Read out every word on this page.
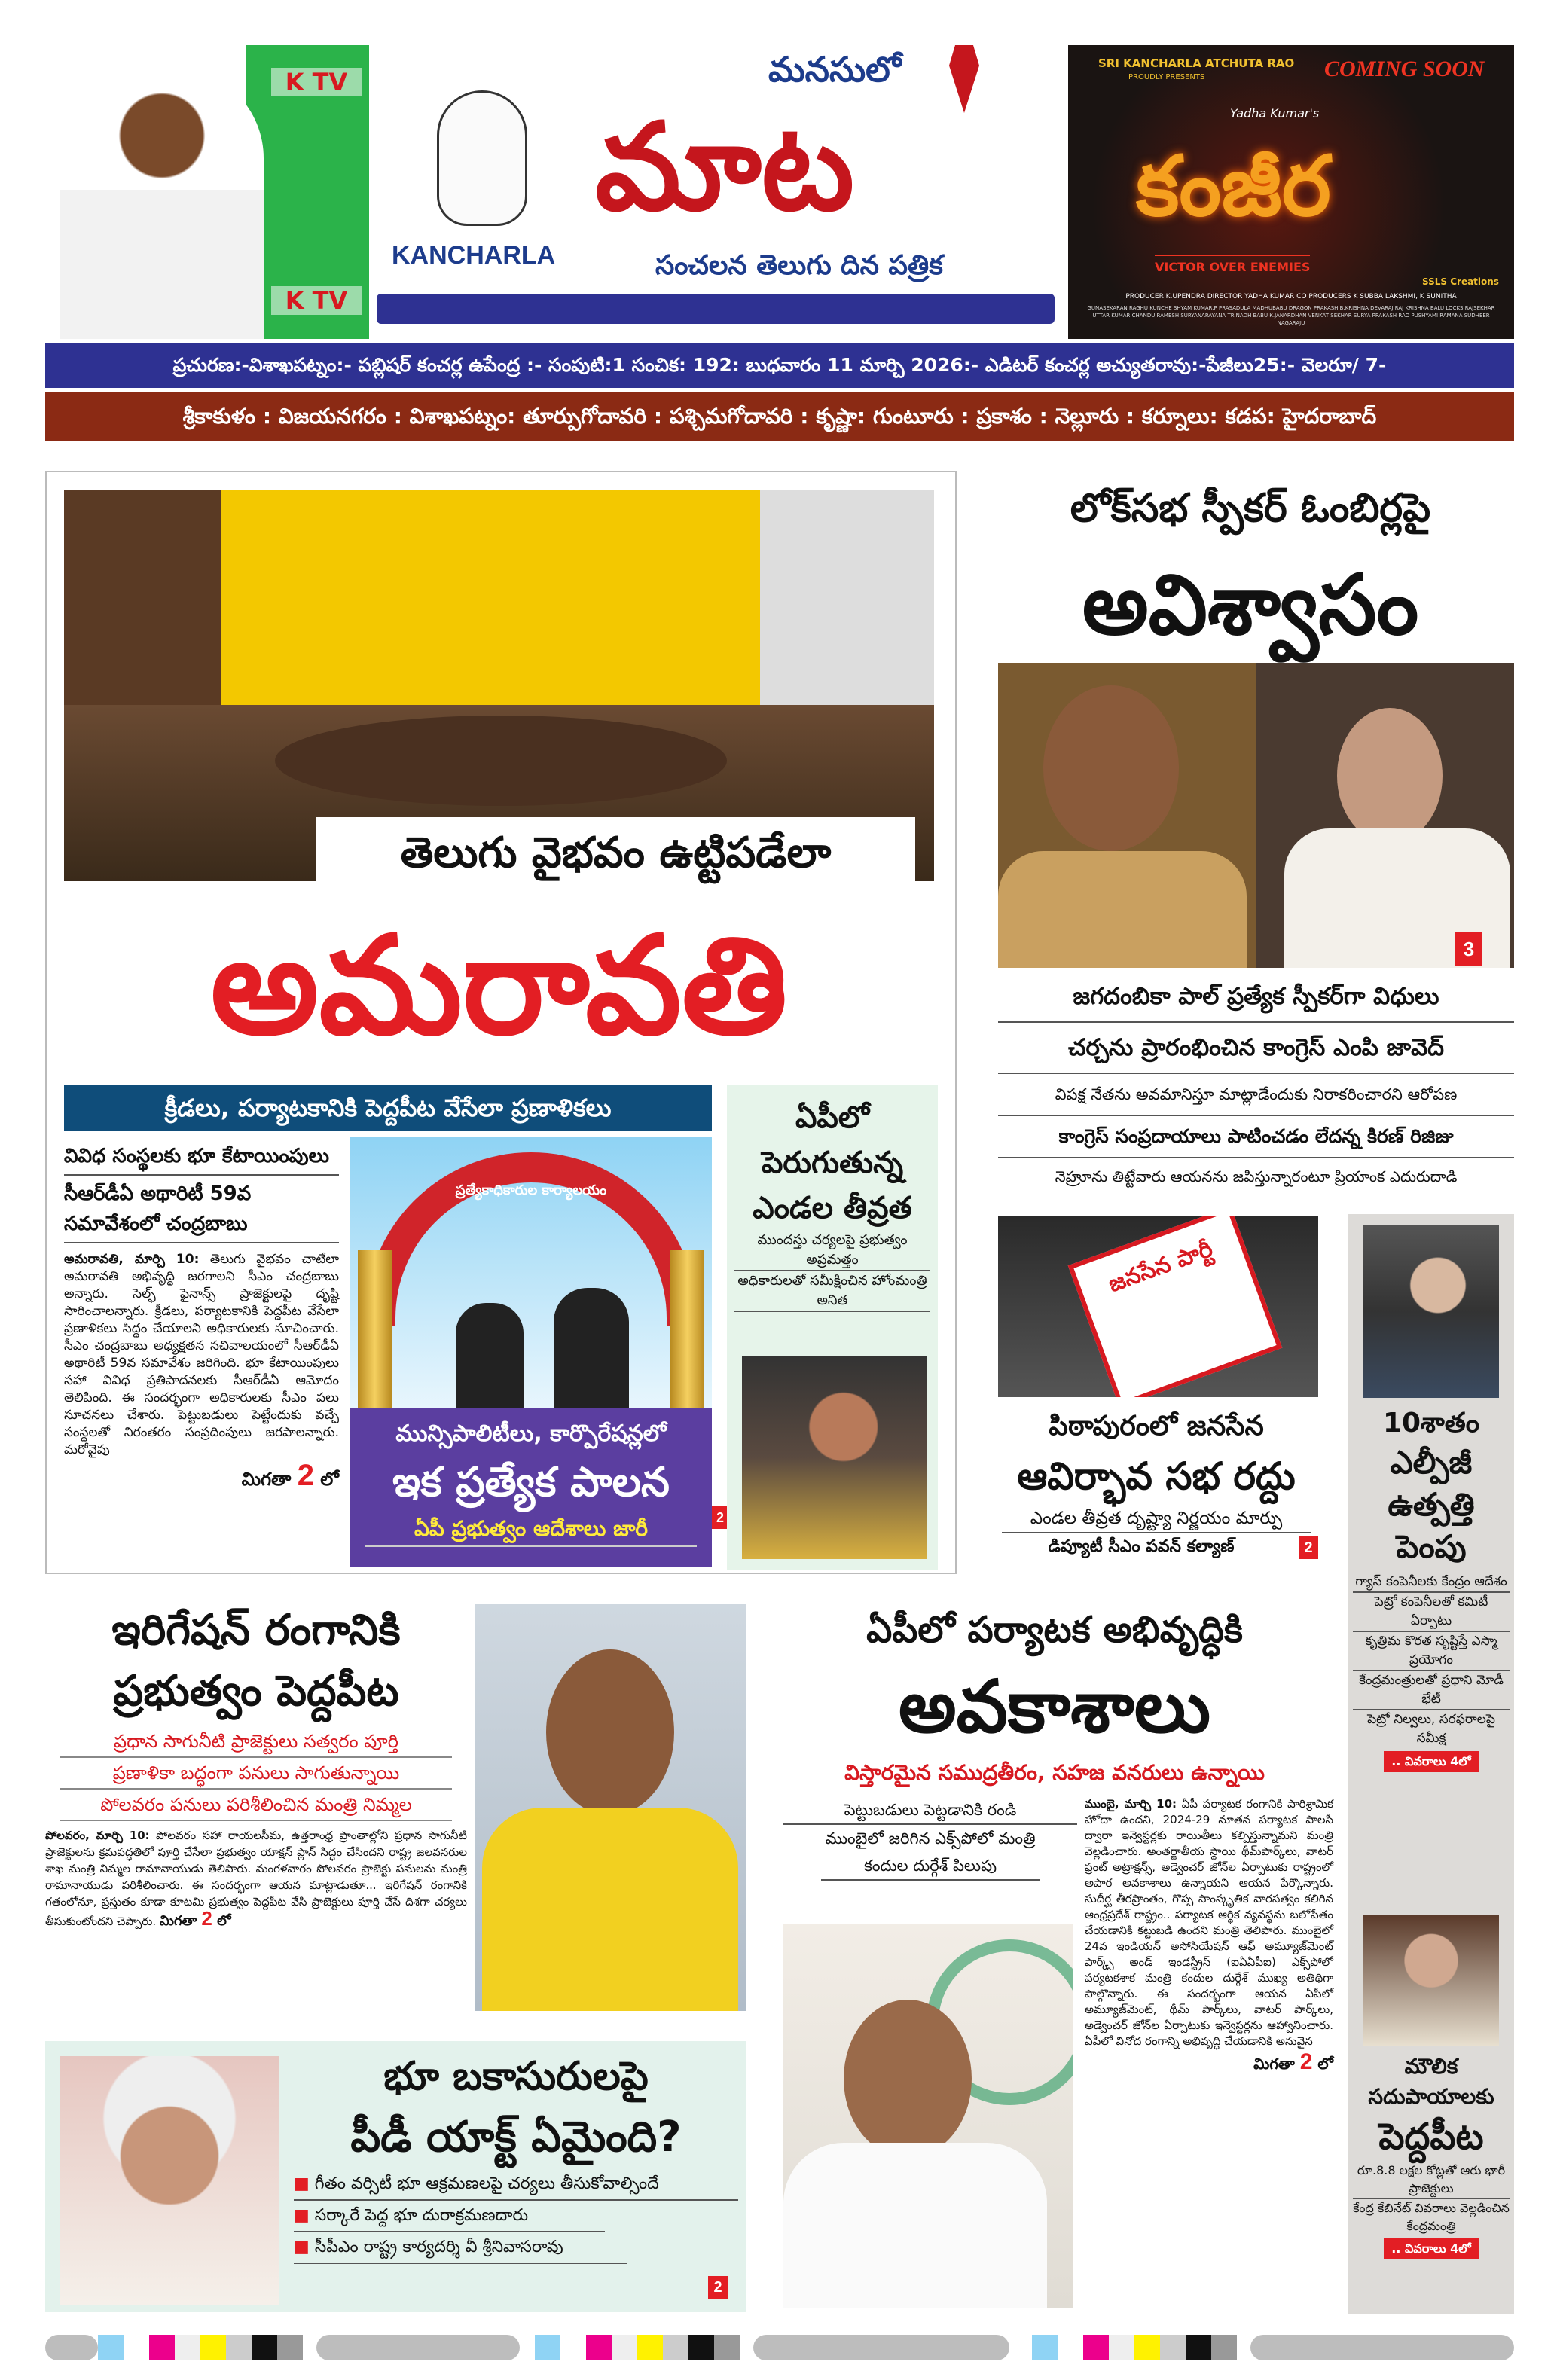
K TV
K TV
KANCHARLA
మనసులో
మాట
సంచలన తెలుగు దిన పత్రిక
SRI KANCHARLA ATCHUTA RAO
PROUDLY PRESENTS	COMING SOON
Yadha Kumar's
కంజీర
VICTOR OVER ENEMIES
SSLS Creations
PRODUCER K.UPENDRA DIRECTOR YADHA KUMAR CO PRODUCERS K SUBBA LAKSHMI, K SUNITHA
GUNASEKARAN RAGHU KUNCHE SHYAM KUMAR.P PRASADULA MADHUBABU DRAGON PRAKASH B.KRISHNA DEVARAJ RAJ KRISHNA BALU LOCKS RAJSEKHAR UTTAR KUMAR CHANDU RAMESH SURYANARAYANA TRINADH BABU K.JANARDHAN VENKAT SEKHAR SURYA PRAKASH RAO PUSHYAMI RAMANA SUDHEER NAGARAJU
ప్రచురణ:-విశాఖపట్నం:- పబ్లిషర్ కంచర్ల ఉపేంద్ర :- సంపుటి:1 సంచిక: 192: బుధవారం 11 మార్చి 2026:- ఎడిటర్ కంచర్ల అచ్యుతరావు:-పేజీలు25:- వెలరూ/ 7-
శ్రీకాకుళం : విజయనగరం : విశాఖపట్నం: తూర్పుగోదావరి : పశ్చిమగోదావరి : కృష్ణా: గుంటూరు : ప్రకాశం : నెల్లూరు : కర్నూలు: కడప: హైదరాబాద్
తెలుగు వైభవం ఉట్టిపడేలా
అమరావతి
క్రీడలు, పర్యాటకానికి పెద్దపీట వేసేలా ప్రణాళికలు
వివిధ సంస్థలకు భూ కేటాయింపులు
సీఆర్‌డీఏ అథారిటీ 59వ సమావేశంలో చంద్రబాబు

అమరావతి, మార్చి 10: తెలుగు వైభవం చాటేలా అమరావతి అభివృద్ధి జరగాలని సీఎం చంద్రబాబు అన్నారు. సెల్ఫ్ ఫైనాన్స్ ప్రాజెక్టులపై దృష్టి సారించాలన్నారు. క్రీడలు, పర్యాటకానికి పెద్దపీట వేసేలా ప్రణాళికలు సిద్ధం చేయాలని అధికారులకు సూచించారు. సీఎం చంద్రబాబు అధ్యక్షతన సచివాలయంలో సీఆర్‌డీఏ అథారిటీ 59వ సమావేశం జరిగింది. భూ కేటాయింపులు సహా వివిధ ప్రతిపాదనలకు సీఆర్‌డీఏ ఆమోదం తెలిపింది. ఈ సందర్భంగా అధికారులకు సీఎం పలు సూచనలు చేశారు. పెట్టుబడులు పెట్టేందుకు వచ్చే సంస్థలతో నిరంతరం సంప్రదింపులు జరపాలన్నారు. మరోవైపు

మిగతా 2 లో
ప్రత్యేకాధికారుల కార్యాలయం
మున్సిపాలిటీలు, కార్పొరేషన్లలో
ఇక ప్రత్యేక పాలన
ఏపీ ప్రభుత్వం ఆదేశాలు జారీ	2
ఏపీలో
పెరుగుతున్న
ఎండల తీవ్రత
ముందస్తు చర్యలపై ప్రభుత్వం అప్రమత్తం
అధికారులతో సమీక్షించిన హోంమంత్రి అనిత
లోక్‌సభ స్పీకర్ ఓంబిర్లపై
అవిశ్వాసం
3
జగదంబికా పాల్ ప్రత్యేక స్పీకర్‌గా విధులు
చర్చను ప్రారంభించిన కాంగ్రెస్ ఎంపి జావెద్
విపక్ష నేతను అవమానిస్తూ మాట్లాడేందుకు నిరాకరించారని ఆరోపణ
కాంగ్రెస్ సంప్రదాయాలు పాటించడం లేదన్న కిరణ్ రిజిజు
నెహ్రూను తిట్టేవారు ఆయనను జపిస్తున్నారంటూ ప్రియాంక ఎదురుదాడి
జనసేన పార్టీ
పిఠాపురంలో జనసేన
ఆవిర్భావ సభ రద్దు
ఎండల తీవ్రత దృష్ట్యా నిర్ణయం మార్పు
డిప్యూటీ సీఎం పవన్ కల్యాణ్	2
10శాతం
ఎల్పీజీ
ఉత్పత్తి
పెంపు
గ్యాస్ కంపెనీలకు కేంద్రం ఆదేశం
పెట్రో కంపెనీలతో కమిటీ ఏర్పాటు
కృత్రిమ కొరత సృష్టిస్తే ఎస్మా ప్రయోగం
కేంద్రమంత్రులతో ప్రధాని మోడీ భేటీ
పెట్రో నిల్వలు, సరఫరాలపై సమీక్ష
.. వివరాలు 4లో
మౌలిక
సదుపాయాలకు
పెద్దపీట
రూ.8.8 లక్షల కోట్లతో ఆరు భారీ ప్రాజెక్టులు
కేంద్ర కేబినేట్ వివరాలు వెల్లడించిన కేంద్రమంత్రి
.. వివరాలు 4లో
ఇరిగేషన్ రంగానికి
ప్రభుత్వం పెద్దపీట
ప్రధాన సాగునీటి ప్రాజెక్టులు సత్వరం పూర్తి
ప్రణాళికా బద్ధంగా పనులు సాగుతున్నాయి
పోలవరం పనులు పరిశీలించిన మంత్రి నిమ్మల

పోలవరం, మార్చి 10: పోలవరం సహా రాయలసీమ, ఉత్తరాంధ్ర ప్రాంతాల్లోని ప్రధాన సాగునీటి ప్రాజెక్టులను క్రమపద్ధతిలో పూర్తి చేసేలా ప్రభుత్వం యాక్షన్ ప్లాన్ సిద్ధం చేసిందని రాష్ట్ర జలవనరుల శాఖ మంత్రి నిమ్మల రామానాయుడు తెలిపారు. మంగళవారం పోలవరం ప్రాజెక్టు పనులను మంత్రి రామానాయుడు పరిశీలించారు. ఈ సందర్భంగా ఆయన మాట్లాడుతూ... ఇరిగేషన్ రంగానికి గతంలోనూ, ప్రస్తుతం కూడా కూటమి ప్రభుత్వం పెద్దపీట వేసి ప్రాజెక్టులు పూర్తి చేసే దిశగా చర్యలు తీసుకుంటోందని చెప్పారు. మిగతా 2 లో

ఏపీలో పర్యాటక అభివృద్ధికి
అవకాశాలు
విస్తారమైన సముద్రతీరం, సహజ వనరులు ఉన్నాయి
పెట్టుబడులు పెట్టడానికి రండి
ముంబైలో జరిగిన ఎక్స్‌పోలో మంత్రి
కందుల దుర్గేశ్ పిలుపు

ముంబై, మార్చి 10: ఏపీ పర్యాటక రంగానికి పారిశ్రామిక హోదా ఉందని, 2024-29 నూతన పర్యాటక పాలసీ ద్వారా ఇన్వెస్టర్లకు రాయితీలు కల్పిస్తున్నామని మంత్రి వెల్లడించారు. అంతర్జాతీయ స్థాయి థీమ్‌పార్క్‌లు, వాటర్ ఫ్రంట్ అట్రాక్షన్స్, అడ్వెంచర్ జోన్‌ల ఏర్పాటుకు రాష్ట్రంలో అపార అవకాశాలు ఉన్నాయని ఆయన పేర్కొన్నారు. సుదీర్ఘ తీరప్రాంతం, గొప్ప సాంస్కృతిక వారసత్వం కలిగిన ఆంధ్రప్రదేశ్ రాష్ట్రం.. పర్యాటక ఆర్థిక వ్యవస్థను బలోపేతం చేయడానికి కట్టుబడి ఉందని మంత్రి తెలిపారు. ముంబైలో 24వ ఇండియన్ అసోసియేషన్ ఆఫ్ అమ్యూజ్‌మెంట్ పార్క్స్ అండ్ ఇండస్ట్రీస్ (ఐఏఏపీఐ) ఎక్స్‌పోలో పర్యటకశాక మంత్రి కందుల దుర్గేశ్ ముఖ్య అతిథిగా పాల్గొన్నారు. ఈ సందర్భంగా ఆయన ఏపీలో అమ్యూజ్‌మెంట్, థీమ్ పార్క్‌లు, వాటర్ పార్క్‌లు, అడ్వెంచర్ జోన్‌ల ఏర్పాటుకు ఇన్వెస్టర్లను ఆహ్వానించారు. ఏపీలో వినోద రంగాన్ని అభివృద్ధి చేయడానికి అనువైన

మిగతా 2 లో
భూ బకాసురులపై
పీడీ యాక్ట్ ఏమైంది?
■ గీతం వర్సిటీ భూ ఆక్రమణలపై చర్యలు తీసుకోవాల్సిందే
■ సర్కారే పెద్ద భూ దురాక్రమణదారు
■ సీపీఎం రాష్ట్ర కార్యదర్శి వీ శ్రీనివాసరావు
2
